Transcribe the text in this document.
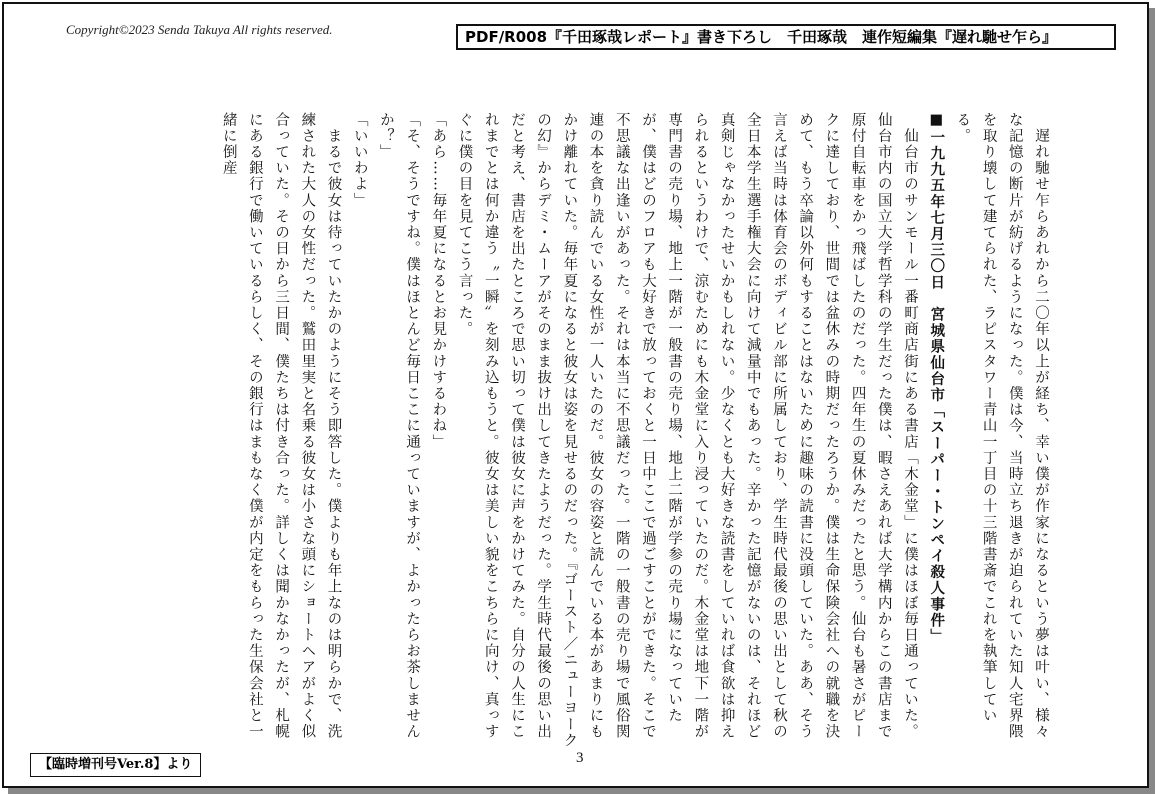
Copyright©2023 Senda Takuya All rights reserved.	PDF/R008『千田琢哉レポート』書き下ろし　千田琢哉　連作短編集『遅れ馳せ乍ら』

　遅れ馳せ乍らあれから二〇年以上が経ち、幸い僕が作家になるという夢は叶い、様々な記憶の断片が紡げるようになった。僕は今、当時立ち退きが迫られていた知人宅界隈を取り壊して建てられた、ラピスタワー青山一丁目の十三階書斎でこれを執筆している。

■一九九五年七月三〇日　宮城県仙台市「スーパー・トンペイ殺人事件」

　仙台市のサンモール一番町商店街にある書店「木金堂」に僕はほぼ毎日通っていた。仙台市内の国立大学哲学科の学生だった僕は、暇さえあれば大学構内からこの書店まで原付自転車をかっ飛ばしたのだった。四年生の夏休みだったと思う。仙台も暑さがピークに達しており、世間では盆休みの時期だったろうか。僕は生命保険会社への就職を決めて、もう卒論以外何もすることはないために趣味の読書に没頭していた。ああ、そう言えば当時は体育会のボディビル部に所属しており、学生時代最後の思い出として秋の全日本学生選手権大会に向けて減量中でもあった。辛かった記憶がないのは、それほど真剣じゃなかったせいかもしれない。少なくとも大好きな読書をしていれば食欲は抑えられるというわけで、涼むためにも木金堂に入り浸っていたのだ。木金堂は地下一階が専門書の売り場、地上一階が一般書の売り場、地上二階が学参の売り場になっていたが、僕はどのフロアも大好きで放っておくと一日中ここで過ごすことができた。そこで不思議な出逢いがあった。それは本当に不思議だった。一階の一般書の売り場で風俗関連の本を貪り読んでいる女性が一人いたのだ。彼女の容姿と読んでいる本があまりにもかけ離れていた。毎年夏になると彼女は姿を見せるのだった。『ゴースト／ニューヨークの幻』からデミ・ムーアがそのまま抜け出してきたようだった。学生時代最後の思い出だと考え、書店を出たところで思い切って僕は彼女に声をかけてみた。自分の人生にこれまでとは何か違う〝一瞬〟を刻み込もうと。彼女は美しい貌をこちらに向け、真っすぐに僕の目を見てこう言った。

「あら……毎年夏になるとお見かけするわね」

「そ、そうですね。僕はほとんど毎日ここに通っていますが、よかったらお茶しませんか？」

「いいわよ」

　まるで彼女は待っていたかのようにそう即答した。僕よりも年上なのは明らかで、洗練された大人の女性だった。鷲田里実と名乗る彼女は小さな頭にショートヘアがよく似合っていた。その日から三日間、僕たちは付き合った。詳しくは聞かなかったが、札幌にある銀行で働いているらしく、その銀行はまもなく僕が内定をもらった生保会社と一緒に倒産

3
【臨時増刊号Ver.8】より
